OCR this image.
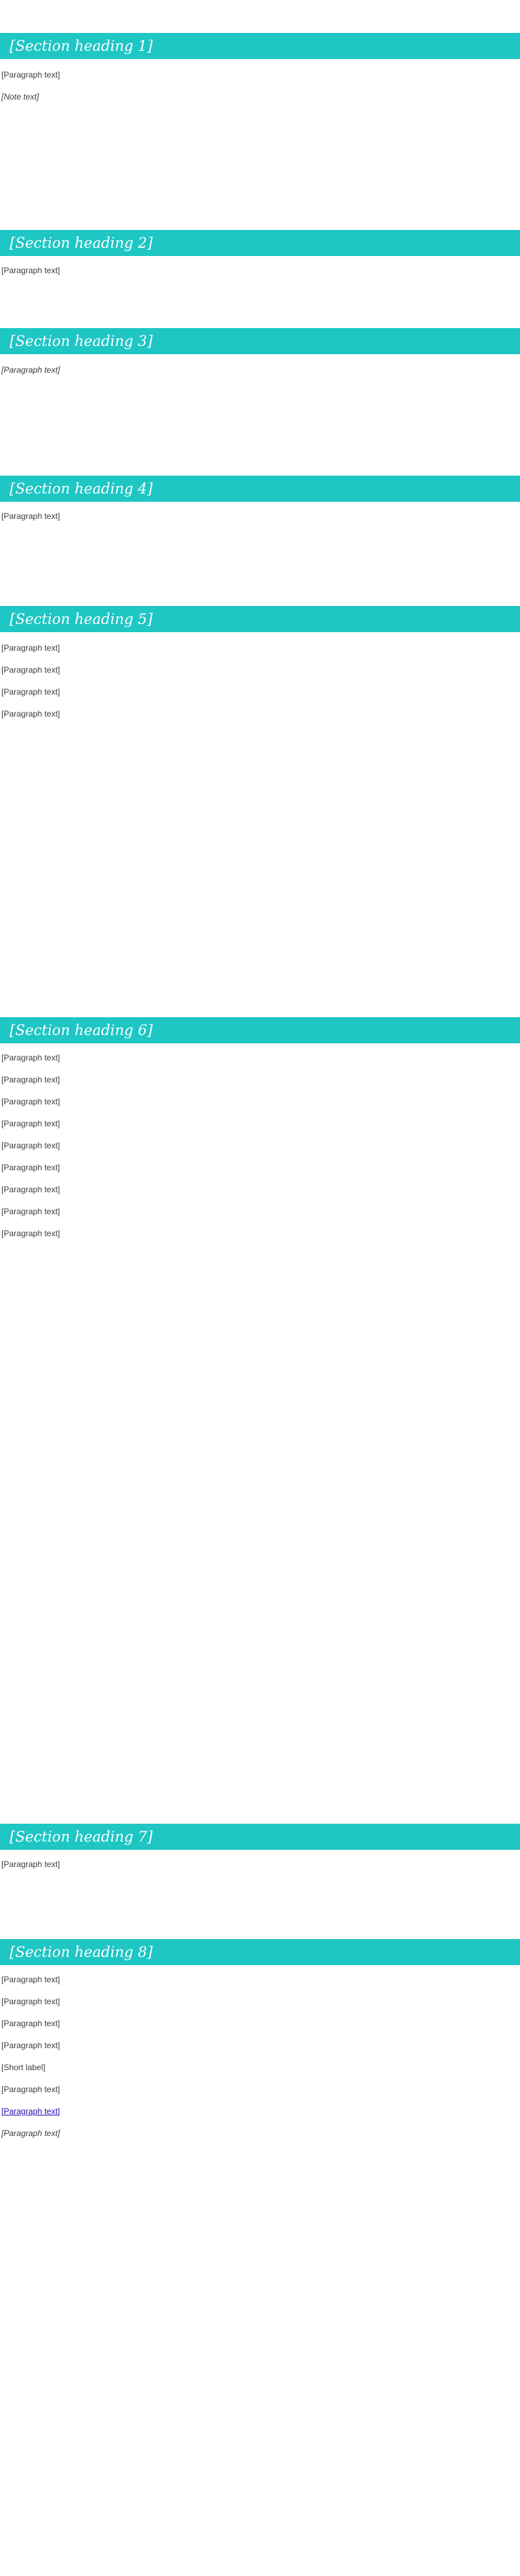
[Section heading 1]

[Paragraph text]

[Note text]

[Section heading 2]

[Paragraph text]

[Section heading 3]

[Paragraph text]

[Section heading 4]

[Paragraph text]

[Section heading 5]

[Paragraph text]

[Paragraph text]

[Paragraph text]

[Paragraph text]

[Section heading 6]

[Paragraph text]

[Paragraph text]

[Paragraph text]

[Paragraph text]

[Paragraph text]

[Paragraph text]

[Paragraph text]

[Paragraph text]

[Paragraph text]

[Section heading 7]

[Paragraph text]

[Section heading 8]

[Paragraph text]

[Paragraph text]

[Paragraph text]

[Paragraph text]

[Short label]

[Paragraph text]

[Paragraph text]

[Paragraph text]
